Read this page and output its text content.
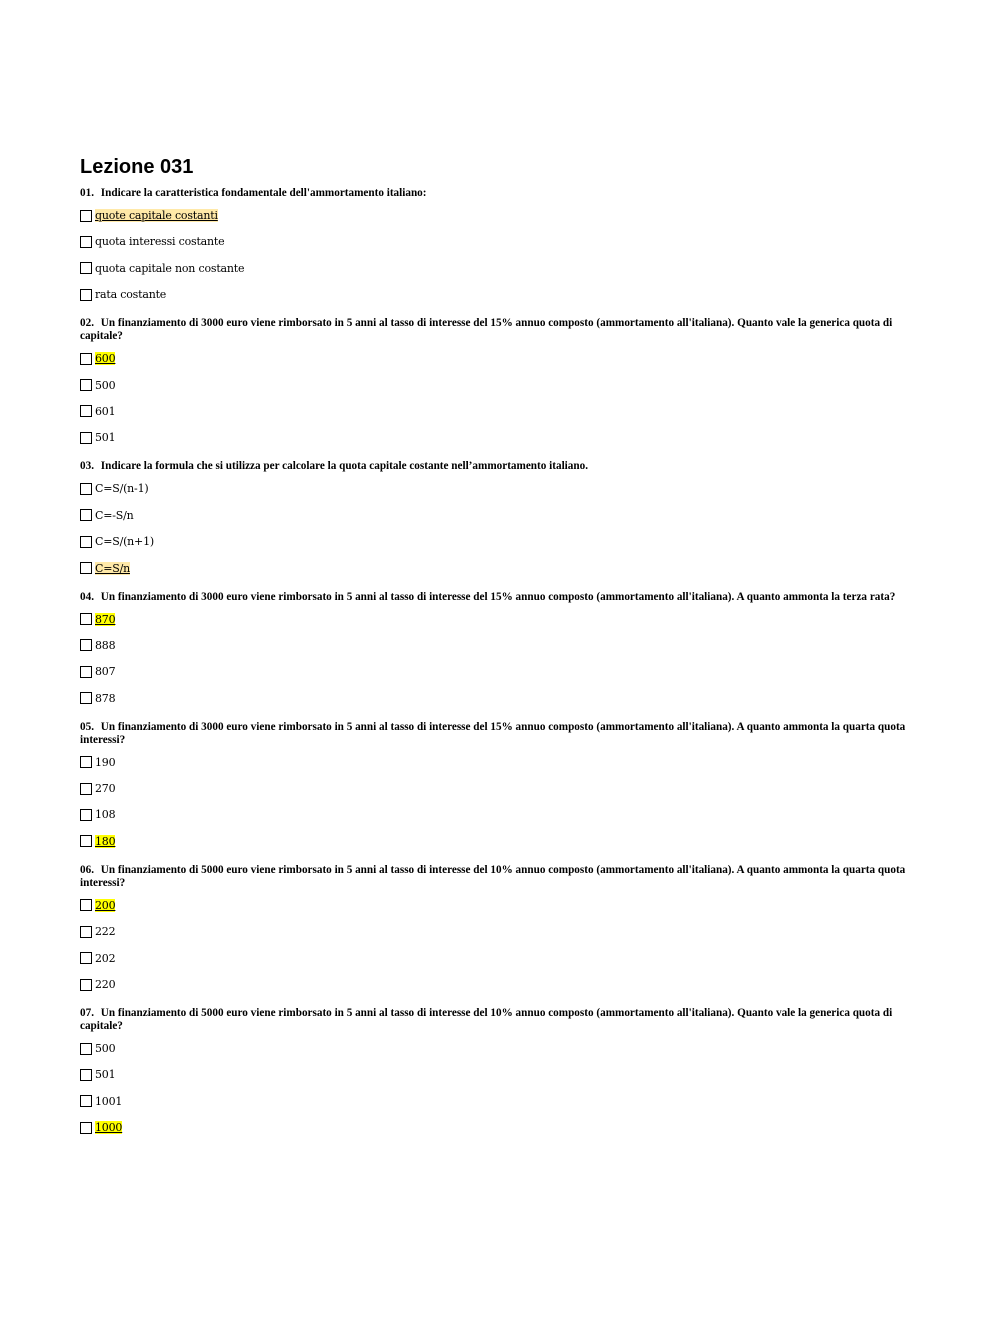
Lezione 031

01. Indicare la caratteristica fondamentale dell'ammortamento italiano:

quote capitale costanti
quota interessi costante
quota capitale non costante
rata costante

02. Un finanziamento di 3000 euro viene rimborsato in 5 anni al tasso di interesse del 15% annuo composto (ammortamento all'italiana). Quanto vale la generica quota di capitale?

600
500
601
501

03. Indicare la formula che si utilizza per calcolare la quota capitale costante nell’ammortamento italiano.

C=S/(n-1)
C=-S/n
C=S/(n+1)
C=S/n

04. Un finanziamento di 3000 euro viene rimborsato in 5 anni al tasso di interesse del 15% annuo composto (ammortamento all'italiana). A quanto ammonta la terza rata?

870
888
807
878

05. Un finanziamento di 3000 euro viene rimborsato in 5 anni al tasso di interesse del 15% annuo composto (ammortamento all'italiana). A quanto ammonta la quarta quota interessi?

190
270
108
180

06. Un finanziamento di 5000 euro viene rimborsato in 5 anni al tasso di interesse del 10% annuo composto (ammortamento all'italiana). A quanto ammonta la quarta quota interessi?

200
222
202
220

07. Un finanziamento di 5000 euro viene rimborsato in 5 anni al tasso di interesse del 10% annuo composto (ammortamento all'italiana). Quanto vale la generica quota di capitale?

500
501
1001
1000
